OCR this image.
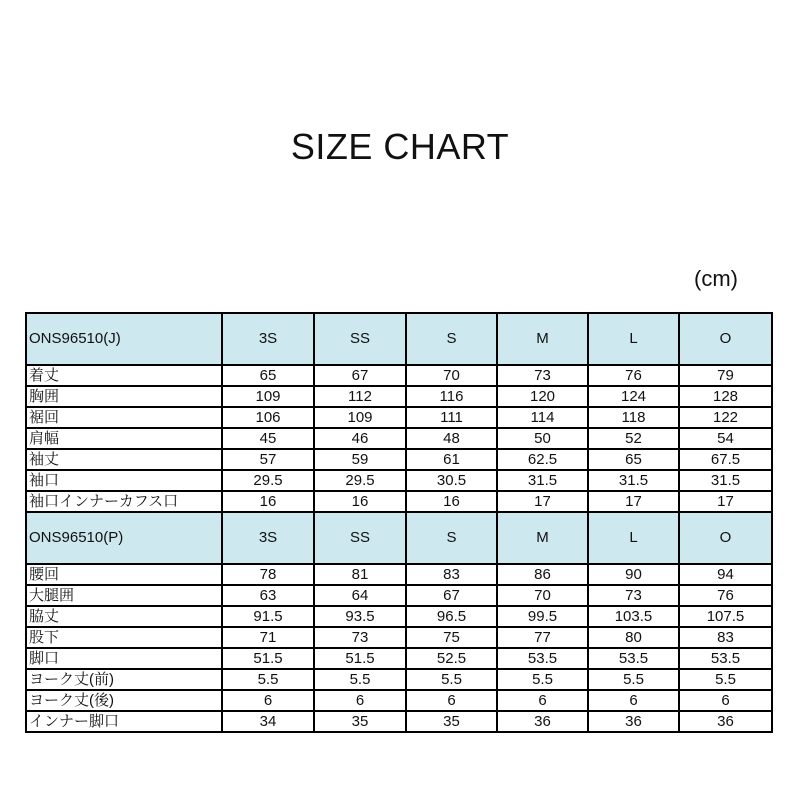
SIZE CHART
(cm)
ONS96510(J)	3S	SS	S	M	L	O
着丈	65	67	70	73	76	79
胸囲	109	112	116	120	124	128
裾回	106	109	111	114	118	122
肩幅	45	46	48	50	52	54
袖丈	57	59	61	62.5	65	67.5
袖口	29.5	29.5	30.5	31.5	31.5	31.5
袖口インナーカフス口	16	16	16	17	17	17
ONS96510(P)	3S	SS	S	M	L	O
腰回	78	81	83	86	90	94
大腿囲	63	64	67	70	73	76
脇丈	91.5	93.5	96.5	99.5	103.5	107.5
股下	71	73	75	77	80	83
脚口	51.5	51.5	52.5	53.5	53.5	53.5
ヨーク丈(前)	5.5	5.5	5.5	5.5	5.5	5.5
ヨーク丈(後)	6	6	6	6	6	6
インナー脚口	34	35	35	36	36	36
